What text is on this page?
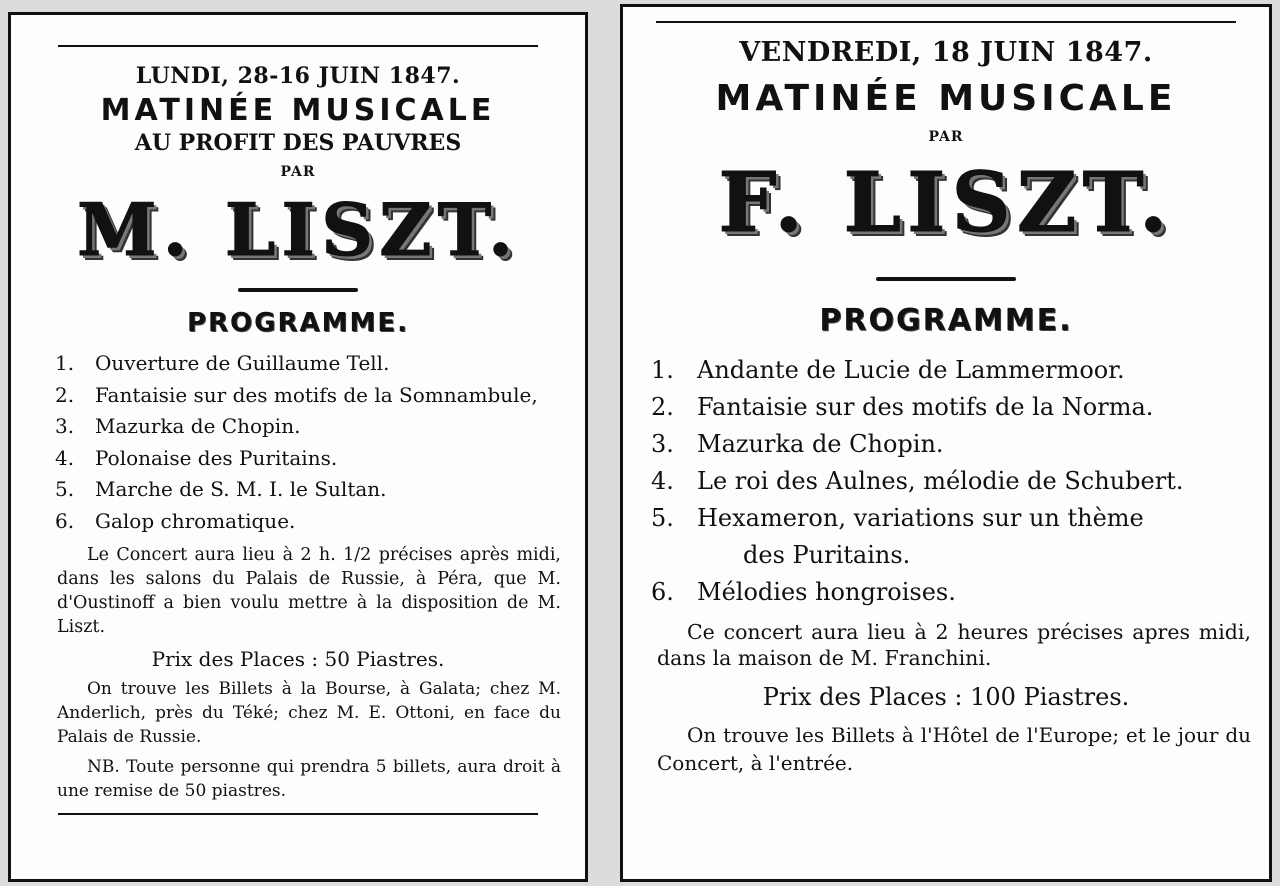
LUNDI, 28-16 JUIN 1847.
MATINÉE MUSICALE
AU PROFIT DES PAUVRES
PAR
M. LISZT.
PROGRAMME.
1.	Ouverture de Guillaume Tell.
2.	Fantaisie sur des motifs de la Somnambule,
3.	Mazurka de Chopin.
4.	Polonaise des Puritains.
5.	Marche de S. M. I. le Sultan.
6.	Galop chromatique.
Le Concert aura lieu à 2 h. 1/2 précises après midi, dans les salons du Palais de Russie, à Péra, que M. d'Oustinoff a bien voulu mettre à la disposition de M. Liszt.
Prix des Places : 50 Piastres.
On trouve les Billets à la Bourse, à Galata; chez M. Anderlich, près du Téké; chez M. E. Ottoni, en face du Palais de Russie.
NB. Toute personne qui prendra 5 billets, aura droit à une remise de 50 piastres.
VENDREDI, 18 JUIN 1847.
MATINÉE MUSICALE
PAR
F. LISZT.
PROGRAMME.
1. Andante de Lucie de Lammermoor.
2. Fantaisie sur des motifs de la Norma.
3. Mazurka de Chopin.
4. Le roi des Aulnes, mélodie de Schubert.
5. Hexameron, variations sur un thème
des Puritains.
6. Mélodies hongroises.
Ce concert aura lieu à 2 heures précises apres midi, dans la maison de M. Franchini.
Prix des Places : 100 Piastres.
On trouve les Billets à l'Hôtel de l'Europe; et le jour du Concert, à l'entrée.
